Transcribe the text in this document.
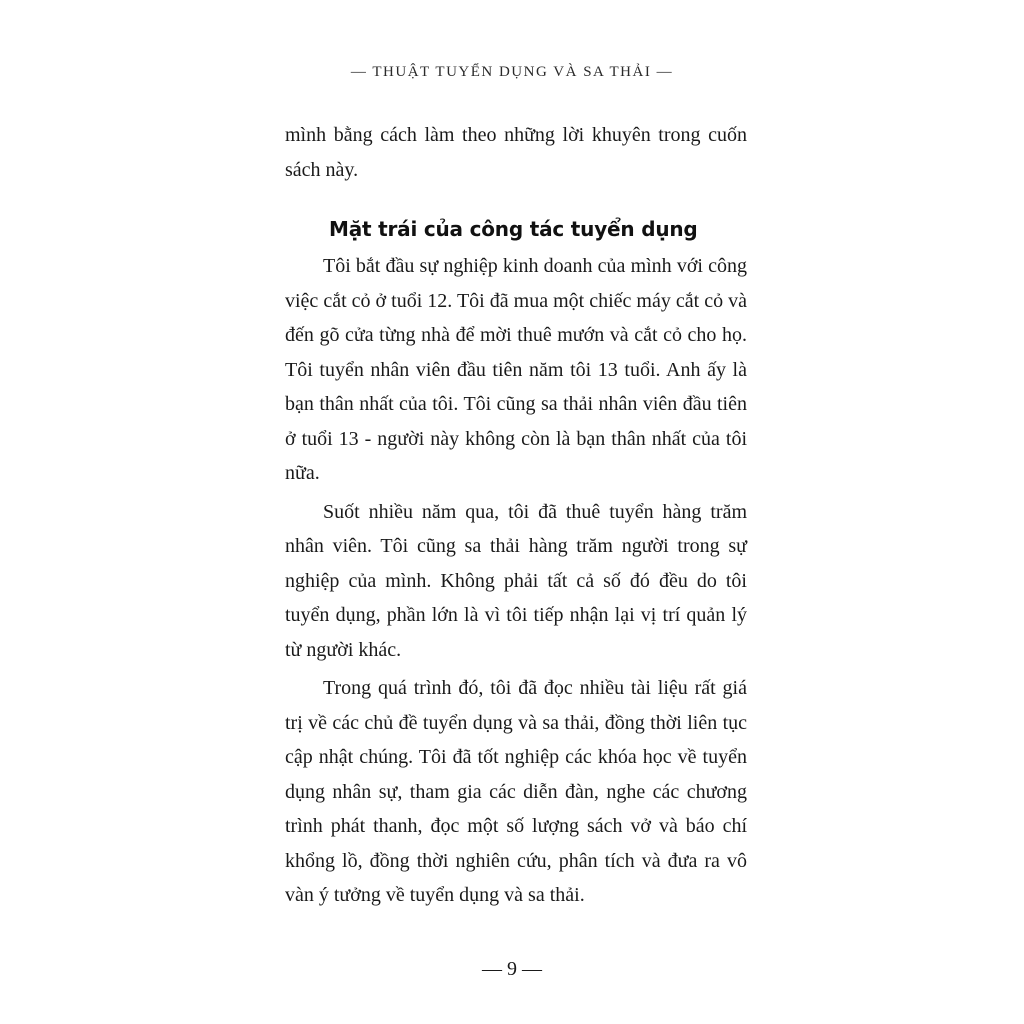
— THUẬT TUYỂN DỤNG VÀ SA THẢI —

mình bằng cách làm theo những lời khuyên trong cuốn sách này.

Mặt trái của công tác tuyển dụng

Tôi bắt đầu sự nghiệp kinh doanh của mình với công việc cắt cỏ ở tuổi 12. Tôi đã mua một chiếc máy cắt cỏ và đến gõ cửa từng nhà để mời thuê mướn và cắt cỏ cho họ. Tôi tuyển nhân viên đầu tiên năm tôi 13 tuổi. Anh ấy là bạn thân nhất của tôi. Tôi cũng sa thải nhân viên đầu tiên ở tuổi 13 - người này không còn là bạn thân nhất của tôi nữa.

Suốt nhiều năm qua, tôi đã thuê tuyển hàng trăm nhân viên. Tôi cũng sa thải hàng trăm người trong sự nghiệp của mình. Không phải tất cả số đó đều do tôi tuyển dụng, phần lớn là vì tôi tiếp nhận lại vị trí quản lý từ người khác.

Trong quá trình đó, tôi đã đọc nhiều tài liệu rất giá trị về các chủ đề tuyển dụng và sa thải, đồng thời liên tục cập nhật chúng. Tôi đã tốt nghiệp các khóa học về tuyển dụng nhân sự, tham gia các diễn đàn, nghe các chương trình phát thanh, đọc một số lượng sách vở và báo chí khổng lồ, đồng thời nghiên cứu, phân tích và đưa ra vô vàn ý tưởng về tuyển dụng và sa thải.

— 9 —
